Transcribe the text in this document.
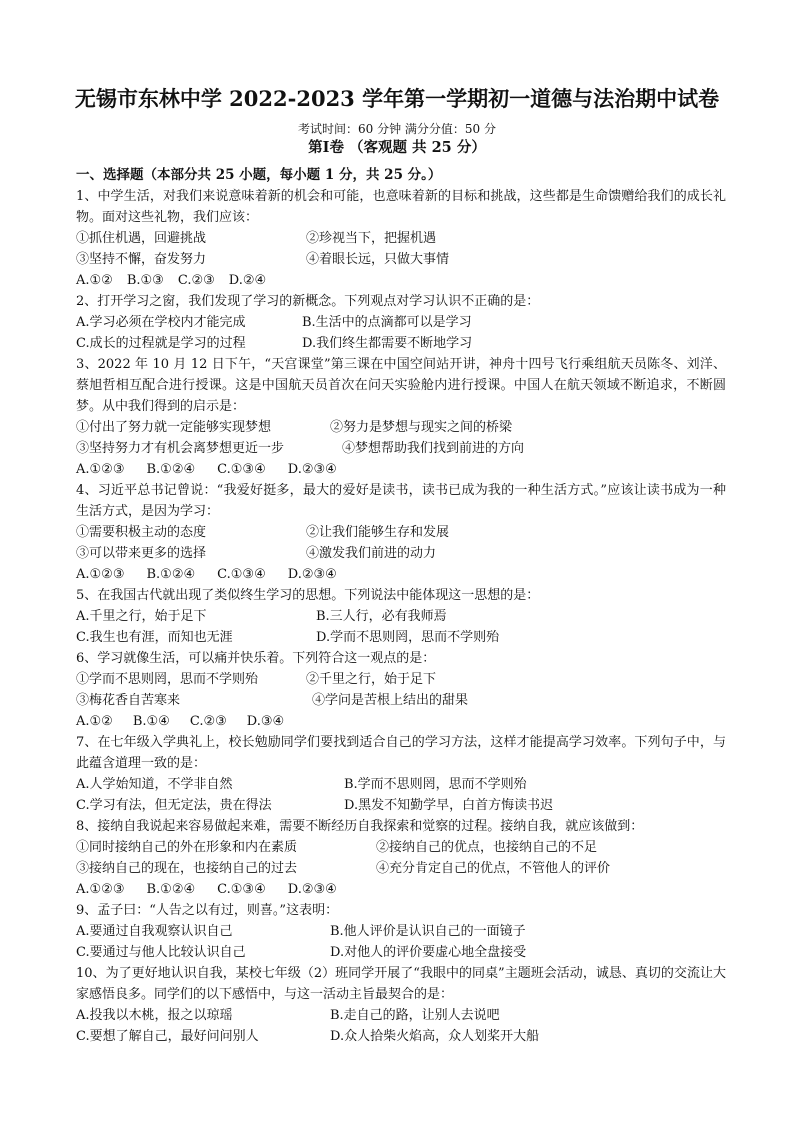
无锡市东林中学 2022-2023 学年第一学期初一道德与法治期中试卷
考试时间：60 分钟 满分分值：50 分
第Ⅰ卷 （客观题 共 25 分）
一、选择题（本部分共 25 小题，每小题 1 分，共 25 分。）
1、中学生活，对我们来说意味着新的机会和可能，也意味着新的目标和挑战，这些都是生命馈赠给我们的成长礼物。面对这些礼物，我们应该：
①抓住机遇，回避挑战	②珍视当下，把握机遇
③坚持不懈，奋发努力	④着眼长远，只做大事情
A.①② B.①③ C.②③ D.②④
2、打开学习之窗，我们发现了学习的新概念。下列观点对学习认识不正确的是：
A.学习必须在学校内才能完成	B.生活中的点滴都可以是学习
C.成长的过程就是学习的过程	D.我们终生都需要不断地学习
3、2022 年 10 月 12 日下午，“天宫课堂”第三课在中国空间站开讲，神舟十四号飞行乘组航天员陈冬、刘洋、蔡旭哲相互配合进行授课。这是中国航天员首次在问天实验舱内进行授课。中国人在航天领域不断追求，不断圆梦。从中我们得到的启示是：
①付出了努力就一定能够实现梦想	②努力是梦想与现实之间的桥梁
③坚持努力才有机会离梦想更近一步	④梦想帮助我们找到前进的方向
A.①②③ B.①②④ C.①③④ D.②③④
4、习近平总书记曾说：“我爱好挺多，最大的爱好是读书，读书已成为我的一种生活方式。”应该让读书成为一种生活方式，是因为学习：
①需要积极主动的态度	②让我们能够生存和发展
③可以带来更多的选择	④激发我们前进的动力
A.①②③ B.①②④ C.①③④ D.②③④
5、在我国古代就出现了类似终生学习的思想。下列说法中能体现这一思想的是：
A.千里之行，始于足下	B.三人行，必有我师焉
C.我生也有涯，而知也无涯	D.学而不思则罔，思而不学则殆
6、学习就像生活，可以痛并快乐着。下列符合这一观点的是：
①学而不思则罔，思而不学则殆	②千里之行，始于足下
③梅花香自苦寒来	④学问是苦根上结出的甜果
A.①② B.①④ C.②③ D.③④
7、在七年级入学典礼上，校长勉励同学们要找到适合自己的学习方法，这样才能提高学习效率。下列句子中，与此蕴含道理一致的是：
A.人学始知道，不学非自然	B.学而不思则罔，思而不学则殆
C.学习有法，但无定法，贵在得法	D.黑发不知勤学早，白首方悔读书迟
8、接纳自我说起来容易做起来难，需要不断经历自我探索和觉察的过程。接纳自我，就应该做到：
①同时接纳自己的外在形象和内在素质	②接纳自己的优点，也接纳自己的不足
③接纳自己的现在，也接纳自己的过去	④充分肯定自己的优点，不管他人的评价
A.①②③ B.①②④ C.①③④ D.②③④
9、孟子曰：“人告之以有过，则喜。”这表明：
A.要通过自我观察认识自己	B.他人评价是认识自己的一面镜子
C.要通过与他人比较认识自己	D.对他人的评价要虚心地全盘接受
10、为了更好地认识自我，某校七年级（2）班同学开展了“我眼中的同桌”主题班会活动，诚恳、真切的交流让大家感悟良多。同学们的以下感悟中，与这一活动主旨最契合的是：
A.投我以木桃，报之以琼瑶	B.走自己的路，让别人去说吧
C.要想了解自己，最好问问别人	D.众人拾柴火焰高，众人划桨开大船
